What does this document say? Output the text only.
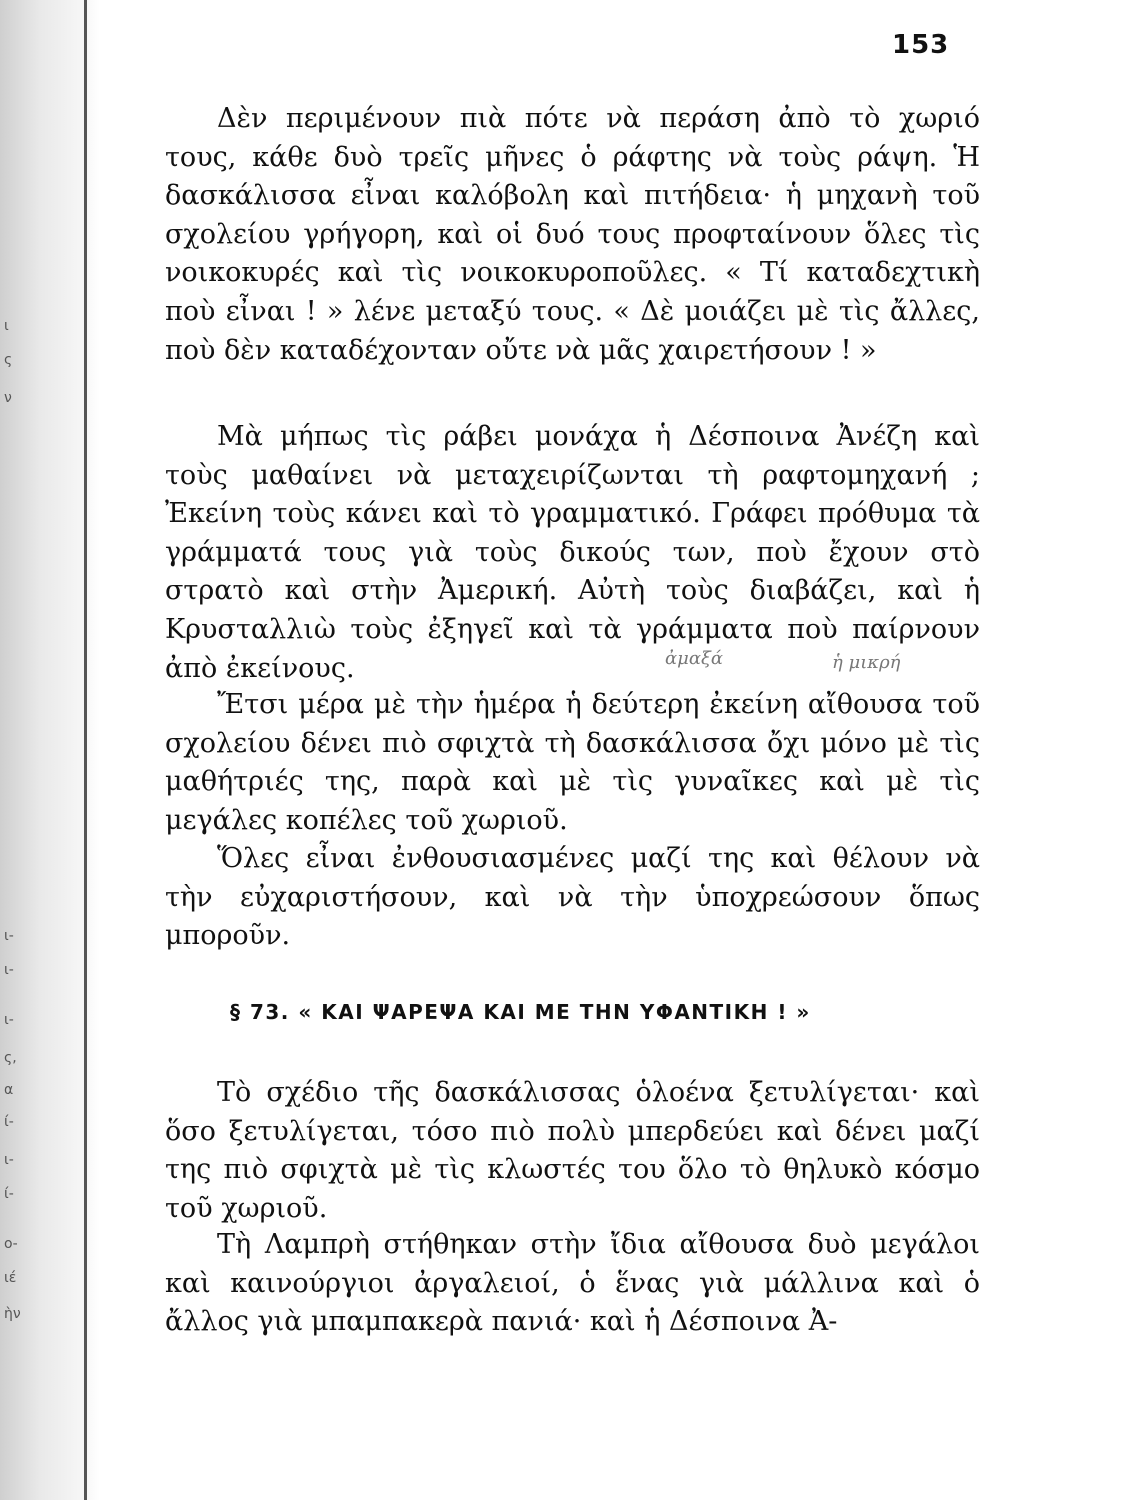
ι
ς
ν
ι-
ι-
ι-
ς,
α
ί-
ι-
ί-
ο-
ιέ
ὴν
153

Δὲν περιμένουν πιὰ πότε νὰ περάση ἀπὸ τὸ χωριό τους, κάθε δυὸ τρεῖς μῆνες ὁ ράφτης νὰ τοὺς ράψη. Ἡ δασκάλισσα εἶναι καλόβολη καὶ πιτήδεια· ἡ μηχανὴ τοῦ σχολείου γρήγορη, καὶ οἱ δυό τους προφταίνουν ὅλες τὶς νοικοκυρές καὶ τὶς νοικοκυροποῦλες. « Τί καταδεχτικὴ ποὺ εἶναι ! » λένε μεταξύ τους. « Δὲ μοιάζει μὲ τὶς ἄλλες, ποὺ δὲν καταδέχονταν οὔτε νὰ μᾶς χαιρετήσουν ! »

Μὰ μήπως τὶς ράβει μονάχα ἡ Δέσποινα Ἀνέζη καὶ τοὺς μαθαίνει νὰ μεταχειρίζωνται τὴ ραφτομηχανή ; Ἐκείνη τοὺς κάνει καὶ τὸ γραμματικό. Γράφει πρόθυμα τὰ γράμματά τους γιὰ τοὺς δικούς των, ποὺ ἔχουν στὸ στρατὸ καὶ στὴν Ἀμερική. Αὐτὴ τοὺς διαβάζει, καὶ ἡ Κρυσταλλιὼ τοὺς ἐξηγεῖ καὶ τὰ γράμματα ποὺ παίρνουν ἀπὸ ἐκείνους.

Ἔτσι μέρα μὲ τὴν ἡμέρα ἡ δεύτερη ἐκείνη αἴθουσα τοῦ σχολείου δένει πιὸ σφιχτὰ τὴ δασκάλισσα ὄχι μόνο μὲ τὶς μαθήτριές της, παρὰ καὶ μὲ τὶς γυναῖκες καὶ μὲ τὶς μεγάλες κοπέλες τοῦ χωριοῦ.

Ὅλες εἶναι ἐνθουσιασμένες μαζί της καὶ θέλουν νὰ τὴν εὐχαριστήσουν, καὶ νὰ τὴν ὑποχρεώσουν ὅπως μποροῦν.

ἀμαξά	ἡ μικρή
§ 73. « ΚΑΙ ΨΑΡΕΨΑ ΚΑΙ ΜΕ ΤΗΝ ΥΦΑΝΤΙΚΗ ! »

Τὸ σχέδιο τῆς δασκάλισσας ὁλοένα ξετυλίγεται· καὶ ὅσο ξετυλίγεται, τόσο πιὸ πολὺ μπερδεύει καὶ δένει μαζί της πιὸ σφιχτὰ μὲ τὶς κλωστές του ὅλο τὸ θηλυκὸ κόσμο τοῦ χωριοῦ.

Τὴ Λαμπρὴ στήθηκαν στὴν ἴδια αἴθουσα δυὸ μεγάλοι καὶ καινούργιοι ἀργαλειοί, ὁ ἕνας γιὰ μάλλινα καὶ ὁ ἄλλος γιὰ μπαμπακερὰ πανιά· καὶ ἡ Δέσποινα Ἀ-
